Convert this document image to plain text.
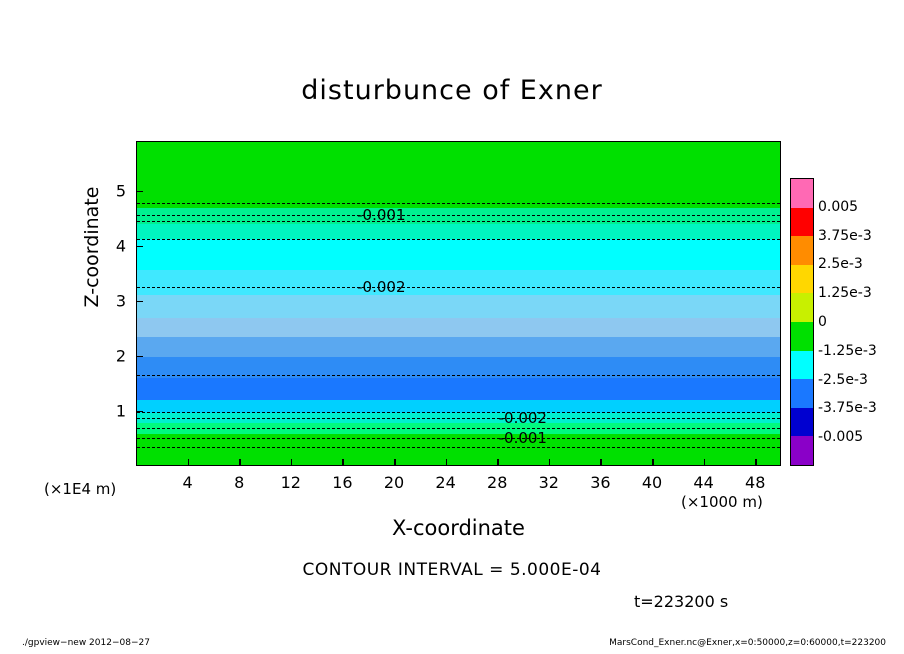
disturbunce of Exner
-0.001
-0.002
-0.002
-0.001
4	8 12 16 20 24 28 32 36 40 44 48
1
2
3
4
5
Z-coordinate
X-coordinate
(×1E4 m)
(×1000 m)
0.005
3.75e-3
2.5e-3
1.25e-3
0
-1.25e-3
-2.5e-3
-3.75e-3
-0.005
CONTOUR INTERVAL = 5.000E-04
t=223200 s
./gpview−new 2012−08−27	MarsCond_Exner.nc@Exner,x=0:50000,z=0:60000,t=223200
